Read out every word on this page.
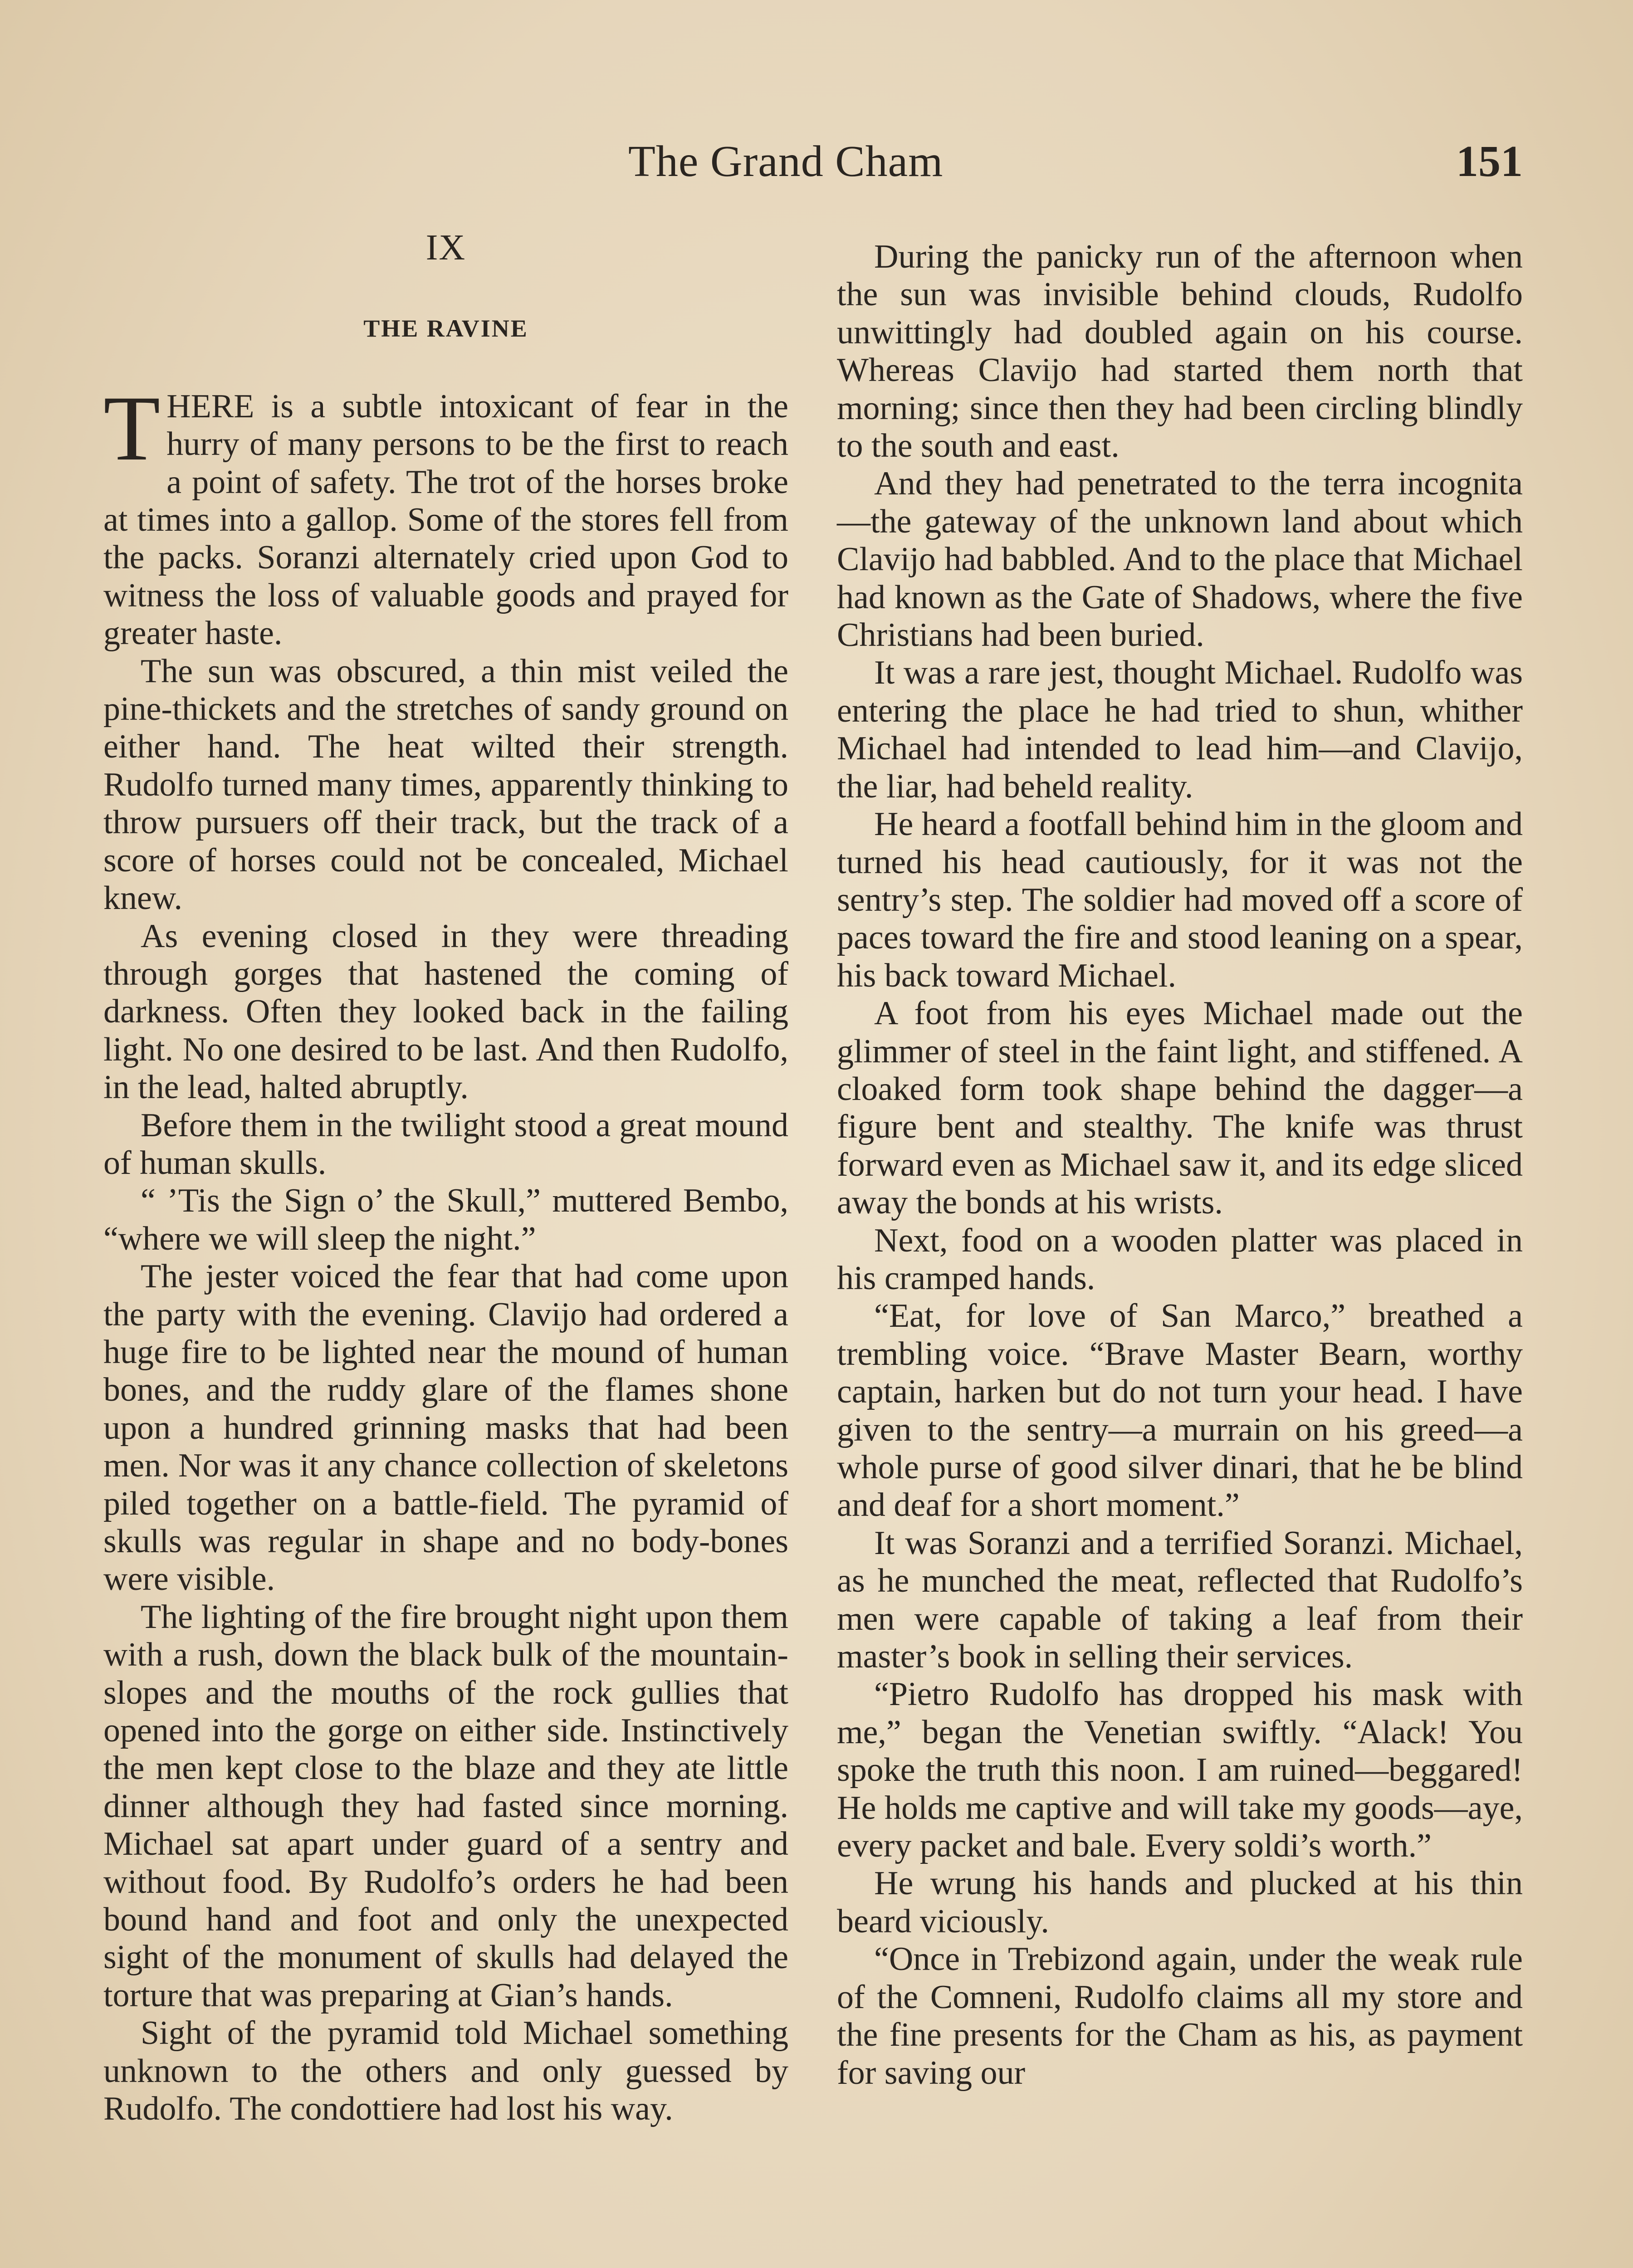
The Grand Cham	151
IX
THE RAVINE

THERE is a subtle intoxicant of fear in the hurry of many persons to be the first to reach a point of safety. The trot of the horses broke at times into a gallop. Some of the stores fell from the packs. Soranzi alternately cried upon God to witness the loss of valuable goods and prayed for greater haste.

The sun was obscured, a thin mist veiled the pine-thickets and the stretches of sandy ground on either hand. The heat wilted their strength. Rudolfo turned many times, apparently thinking to throw pursuers off their track, but the track of a score of horses could not be concealed, Michael knew.

As evening closed in they were threading through gorges that hastened the coming of darkness. Often they looked back in the failing light. No one desired to be last. And then Rudolfo, in the lead, halted abruptly.

Before them in the twilight stood a great mound of human skulls.

“ ’Tis the Sign o’ the Skull,” muttered Bembo, “where we will sleep the night.”

The jester voiced the fear that had come upon the party with the evening. Clavijo had ordered a huge fire to be lighted near the mound of human bones, and the ruddy glare of the flames shone upon a hundred grinning masks that had been men. Nor was it any chance collection of skeletons piled together on a battle-field. The pyramid of skulls was regular in shape and no body-bones were visible.

The lighting of the fire brought night upon them with a rush, down the black bulk of the mountain-slopes and the mouths of the rock gullies that opened into the gorge on either side. Instinctively the men kept close to the blaze and they ate little dinner although they had fasted since morning. Michael sat apart under guard of a sentry and without food. By Rudolfo’s orders he had been bound hand and foot and only the unexpected sight of the monument of skulls had delayed the torture that was preparing at Gian’s hands.

Sight of the pyramid told Michael something unknown to the others and only guessed by Rudolfo. The condottiere had lost his way.

During the panicky run of the afternoon when the sun was invisible behind clouds, Rudolfo unwittingly had doubled again on his course. Whereas Clavijo had started them north that morning; since then they had been circling blindly to the south and east.

And they had penetrated to the terra incognita—the gateway of the unknown land about which Clavijo had babbled. And to the place that Michael had known as the Gate of Shadows, where the five Christians had been buried.

It was a rare jest, thought Michael. Rudolfo was entering the place he had tried to shun, whither Michael had intended to lead him—and Clavijo, the liar, had beheld reality.

He heard a footfall behind him in the gloom and turned his head cautiously, for it was not the sentry’s step. The soldier had moved off a score of paces toward the fire and stood leaning on a spear, his back toward Michael.

A foot from his eyes Michael made out the glimmer of steel in the faint light, and stiffened. A cloaked form took shape behind the dagger—a figure bent and stealthy. The knife was thrust forward even as Michael saw it, and its edge sliced away the bonds at his wrists.

Next, food on a wooden platter was placed in his cramped hands.

“Eat, for love of San Marco,” breathed a trembling voice. “Brave Master Bearn, worthy captain, harken but do not turn your head. I have given to the sentry—a murrain on his greed—a whole purse of good silver dinari, that he be blind and deaf for a short moment.”

It was Soranzi and a terrified Soranzi. Michael, as he munched the meat, reflected that Rudolfo’s men were capable of taking a leaf from their master’s book in selling their services.

“Pietro Rudolfo has dropped his mask with me,” began the Venetian swiftly. “Alack! You spoke the truth this noon. I am ruined—beggared! He holds me captive and will take my goods—aye, every packet and bale. Every soldi’s worth.”

He wrung his hands and plucked at his thin beard viciously.

“Once in Trebizond again, under the weak rule of the Comneni, Rudolfo claims all my store and the fine presents for the Cham as his, as payment for saving our
